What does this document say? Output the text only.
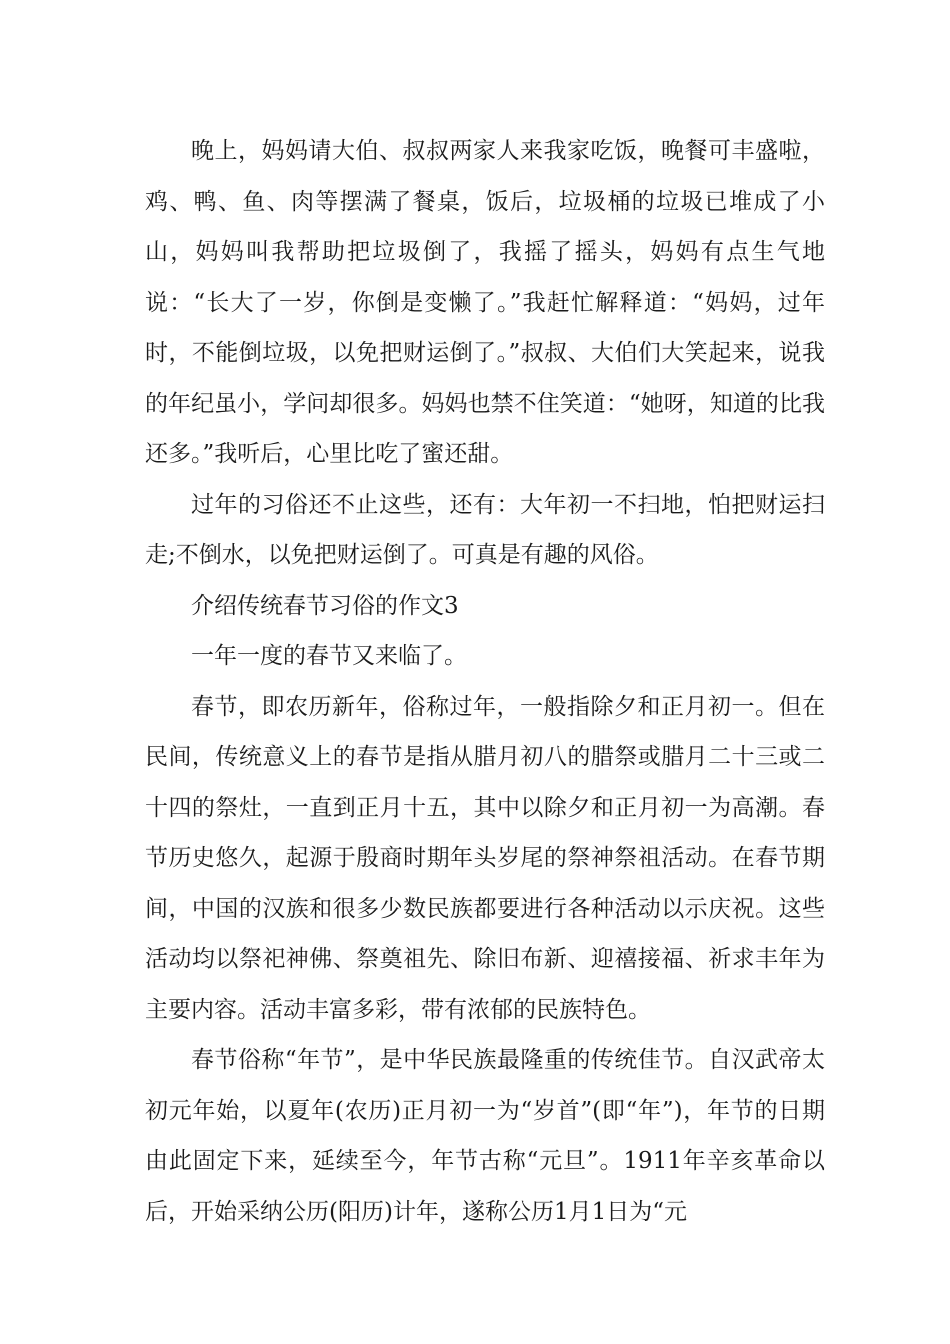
晚上，妈妈请大伯、叔叔两家人来我家吃饭，晚餐可丰盛啦，鸡、鸭、鱼、肉等摆满了餐桌，饭后，垃圾桶的垃圾已堆成了小山，妈妈叫我帮助把垃圾倒了，我摇了摇头，妈妈有点生气地说：“长大了一岁，你倒是变懒了。”我赶忙解释道：“妈妈，过年时，不能倒垃圾，以免把财运倒了。”叔叔、大伯们大笑起来，说我的年纪虽小，学问却很多。妈妈也禁不住笑道：“她呀，知道的比我还多。”我听后，心里比吃了蜜还甜。

过年的习俗还不止这些，还有：大年初一不扫地，怕把财运扫走;不倒水，以免把财运倒了。可真是有趣的风俗。

介绍传统春节习俗的作文3

一年一度的春节又来临了。

春节，即农历新年，俗称过年，一般指除夕和正月初一。但在民间，传统意义上的春节是指从腊月初八的腊祭或腊月二十三或二十四的祭灶，一直到正月十五，其中以除夕和正月初一为高潮。春节历史悠久，起源于殷商时期年头岁尾的祭神祭祖活动。在春节期间，中国的汉族和很多少数民族都要进行各种活动以示庆祝。这些活动均以祭祀神佛、祭奠祖先、除旧布新、迎禧接福、祈求丰年为主要内容。活动丰富多彩，带有浓郁的民族特色。

春节俗称“年节”，是中华民族最隆重的传统佳节。自汉武帝太初元年始，以夏年(农历)正月初一为“岁首”(即“年”)，年节的日期由此固定下来，延续至今，年节古称“元旦”。1911年辛亥革命以后，开始采纳公历(阳历)计年，遂称公历1月1日为“元
